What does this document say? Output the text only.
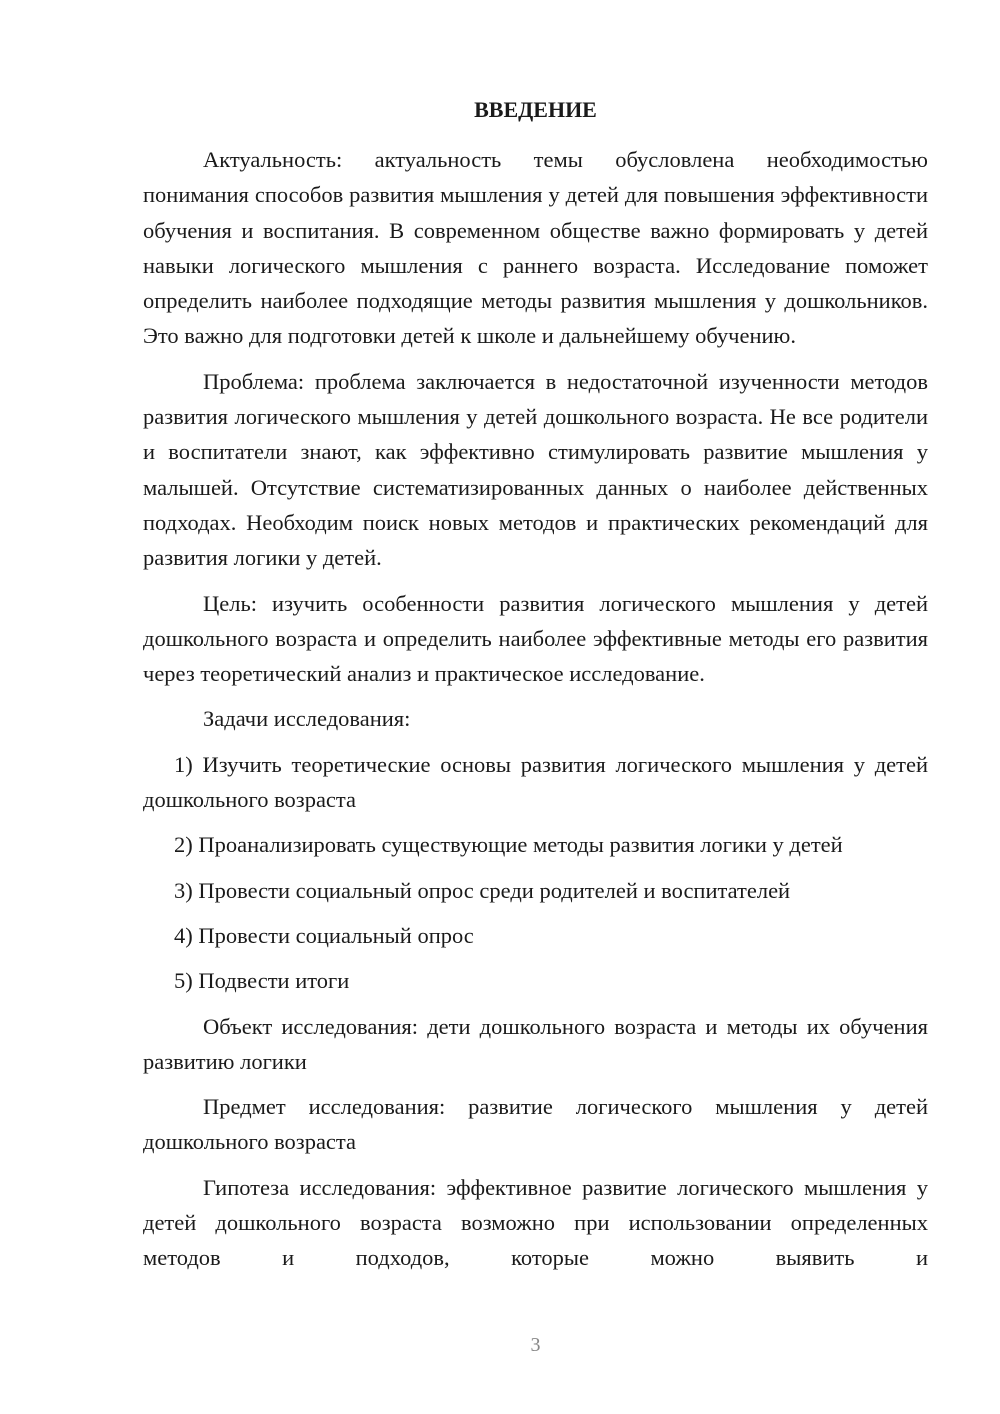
ВВЕДЕНИЕ

Актуальность: актуальность темы обусловлена необходимостью понимания способов развития мышления у детей для повышения эффективности обучения и воспитания. В современном обществе важно формировать у детей навыки логического мышления с раннего возраста. Исследование поможет определить наиболее подходящие методы развития мышления у дошкольников. Это важно для подготовки детей к школе и дальнейшему обучению.

Проблема: проблема заключается в недостаточной изученности методов развития логического мышления у детей дошкольного возраста. Не все родители и воспитатели знают, как эффективно стимулировать развитие мышления у малышей. Отсутствие систематизированных данных о наиболее действенных подходах. Необходим поиск новых методов и практических рекомендаций для развития логики у детей.

Цель: изучить особенности развития логического мышления у детей дошкольного возраста и определить наиболее эффективные методы его развития через теоретический анализ и практическое исследование.

Задачи исследования:

1) Изучить теоретические основы развития логического мышления у детей дошкольного возраста

2) Проанализировать существующие методы развития логики у детей

3) Провести социальный опрос среди родителей и воспитателей

4) Провести социальный опрос

5) Подвести итоги

Объект исследования: дети дошкольного возраста и методы их обучения развитию логики

Предмет исследования: развитие логического мышления у детей дошкольного возраста

Гипотеза исследования: эффективное развитие логического мышления у детей дошкольного возраста возможно при использовании определенных методов и подходов, которые можно выявить и

3
